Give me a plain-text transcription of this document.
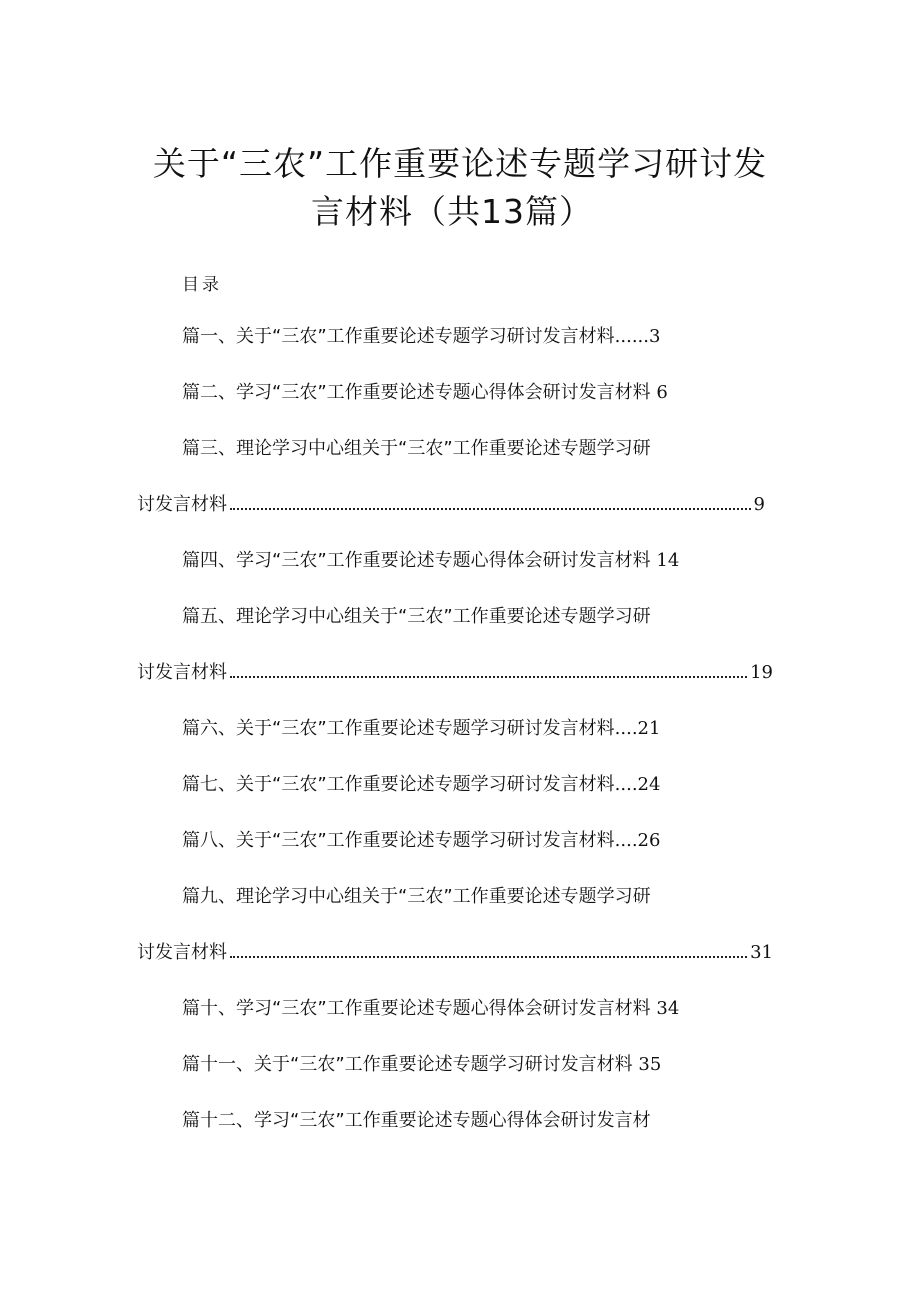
关于“三农”工作重要论述专题学习研讨发
言材料（共13篇）
目录
篇一、关于“三农”工作重要论述专题学习研讨发言材料......3
篇二、学习“三农”工作重要论述专题心得体会研讨发言材料 6
篇三、理论学习中心组关于“三农”工作重要论述专题学习研
讨发言材料	9
篇四、学习“三农”工作重要论述专题心得体会研讨发言材料 14
篇五、理论学习中心组关于“三农”工作重要论述专题学习研
讨发言材料	19
篇六、关于“三农”工作重要论述专题学习研讨发言材料....21
篇七、关于“三农”工作重要论述专题学习研讨发言材料....24
篇八、关于“三农”工作重要论述专题学习研讨发言材料....26
篇九、理论学习中心组关于“三农”工作重要论述专题学习研
讨发言材料	31
篇十、学习“三农”工作重要论述专题心得体会研讨发言材料 34
篇十一、关于“三农”工作重要论述专题学习研讨发言材料 35
篇十二、学习“三农”工作重要论述专题心得体会研讨发言材
